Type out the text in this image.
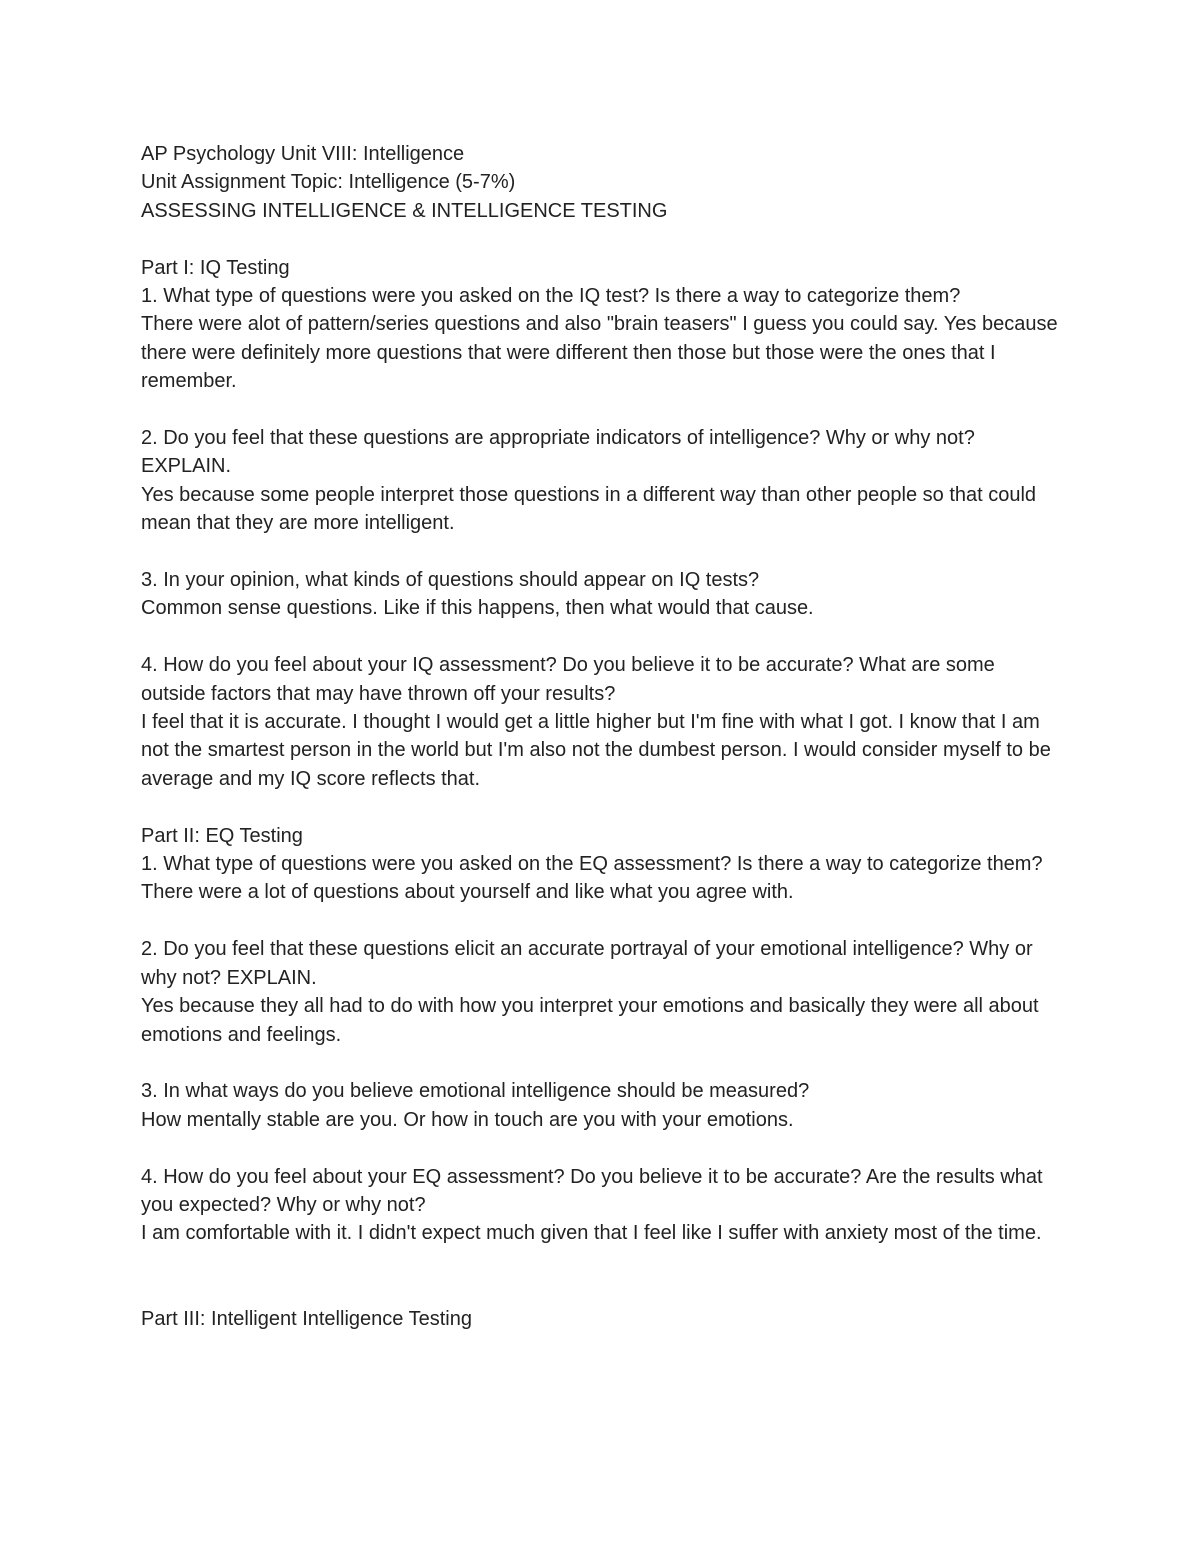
AP Psychology Unit VIII: Intelligence

Unit Assignment Topic: Intelligence (5-7%)

ASSESSING INTELLIGENCE & INTELLIGENCE TESTING

Part I: IQ Testing

1. What type of questions were you asked on the IQ test? Is there a way to categorize them?

There were alot of pattern/series questions and also "brain teasers" I guess you could say. Yes because there were definitely more questions that were different then those but those were the ones that I remember.

2. Do you feel that these questions are appropriate indicators of intelligence? Why or why not? EXPLAIN.

Yes because some people interpret those questions in a different way than other people so that could mean that they are more intelligent.

3. In your opinion, what kinds of questions should appear on IQ tests?

Common sense questions. Like if this happens, then what would that cause.

4. How do you feel about your IQ assessment? Do you believe it to be accurate? What are some outside factors that may have thrown off your results?

I feel that it is accurate. I thought I would get a little higher but I'm fine with what I got. I know that I am not the smartest person in the world but I'm also not the dumbest person. I would consider myself to be average and my IQ score reflects that.

Part II: EQ Testing

1. What type of questions were you asked on the EQ assessment? Is there a way to categorize them?

There were a lot of questions about yourself and like what you agree with.

2. Do you feel that these questions elicit an accurate portrayal of your emotional intelligence? Why or why not? EXPLAIN.

Yes because they all had to do with how you interpret your emotions and basically they were all about emotions and feelings.

3. In what ways do you believe emotional intelligence should be measured?

How mentally stable are you. Or how in touch are you with your emotions.

4. How do you feel about your EQ assessment? Do you believe it to be accurate? Are the results what you expected? Why or why not?

I am comfortable with it. I didn't expect much given that I feel like I suffer with anxiety most of the time.

Part III: Intelligent Intelligence Testing
